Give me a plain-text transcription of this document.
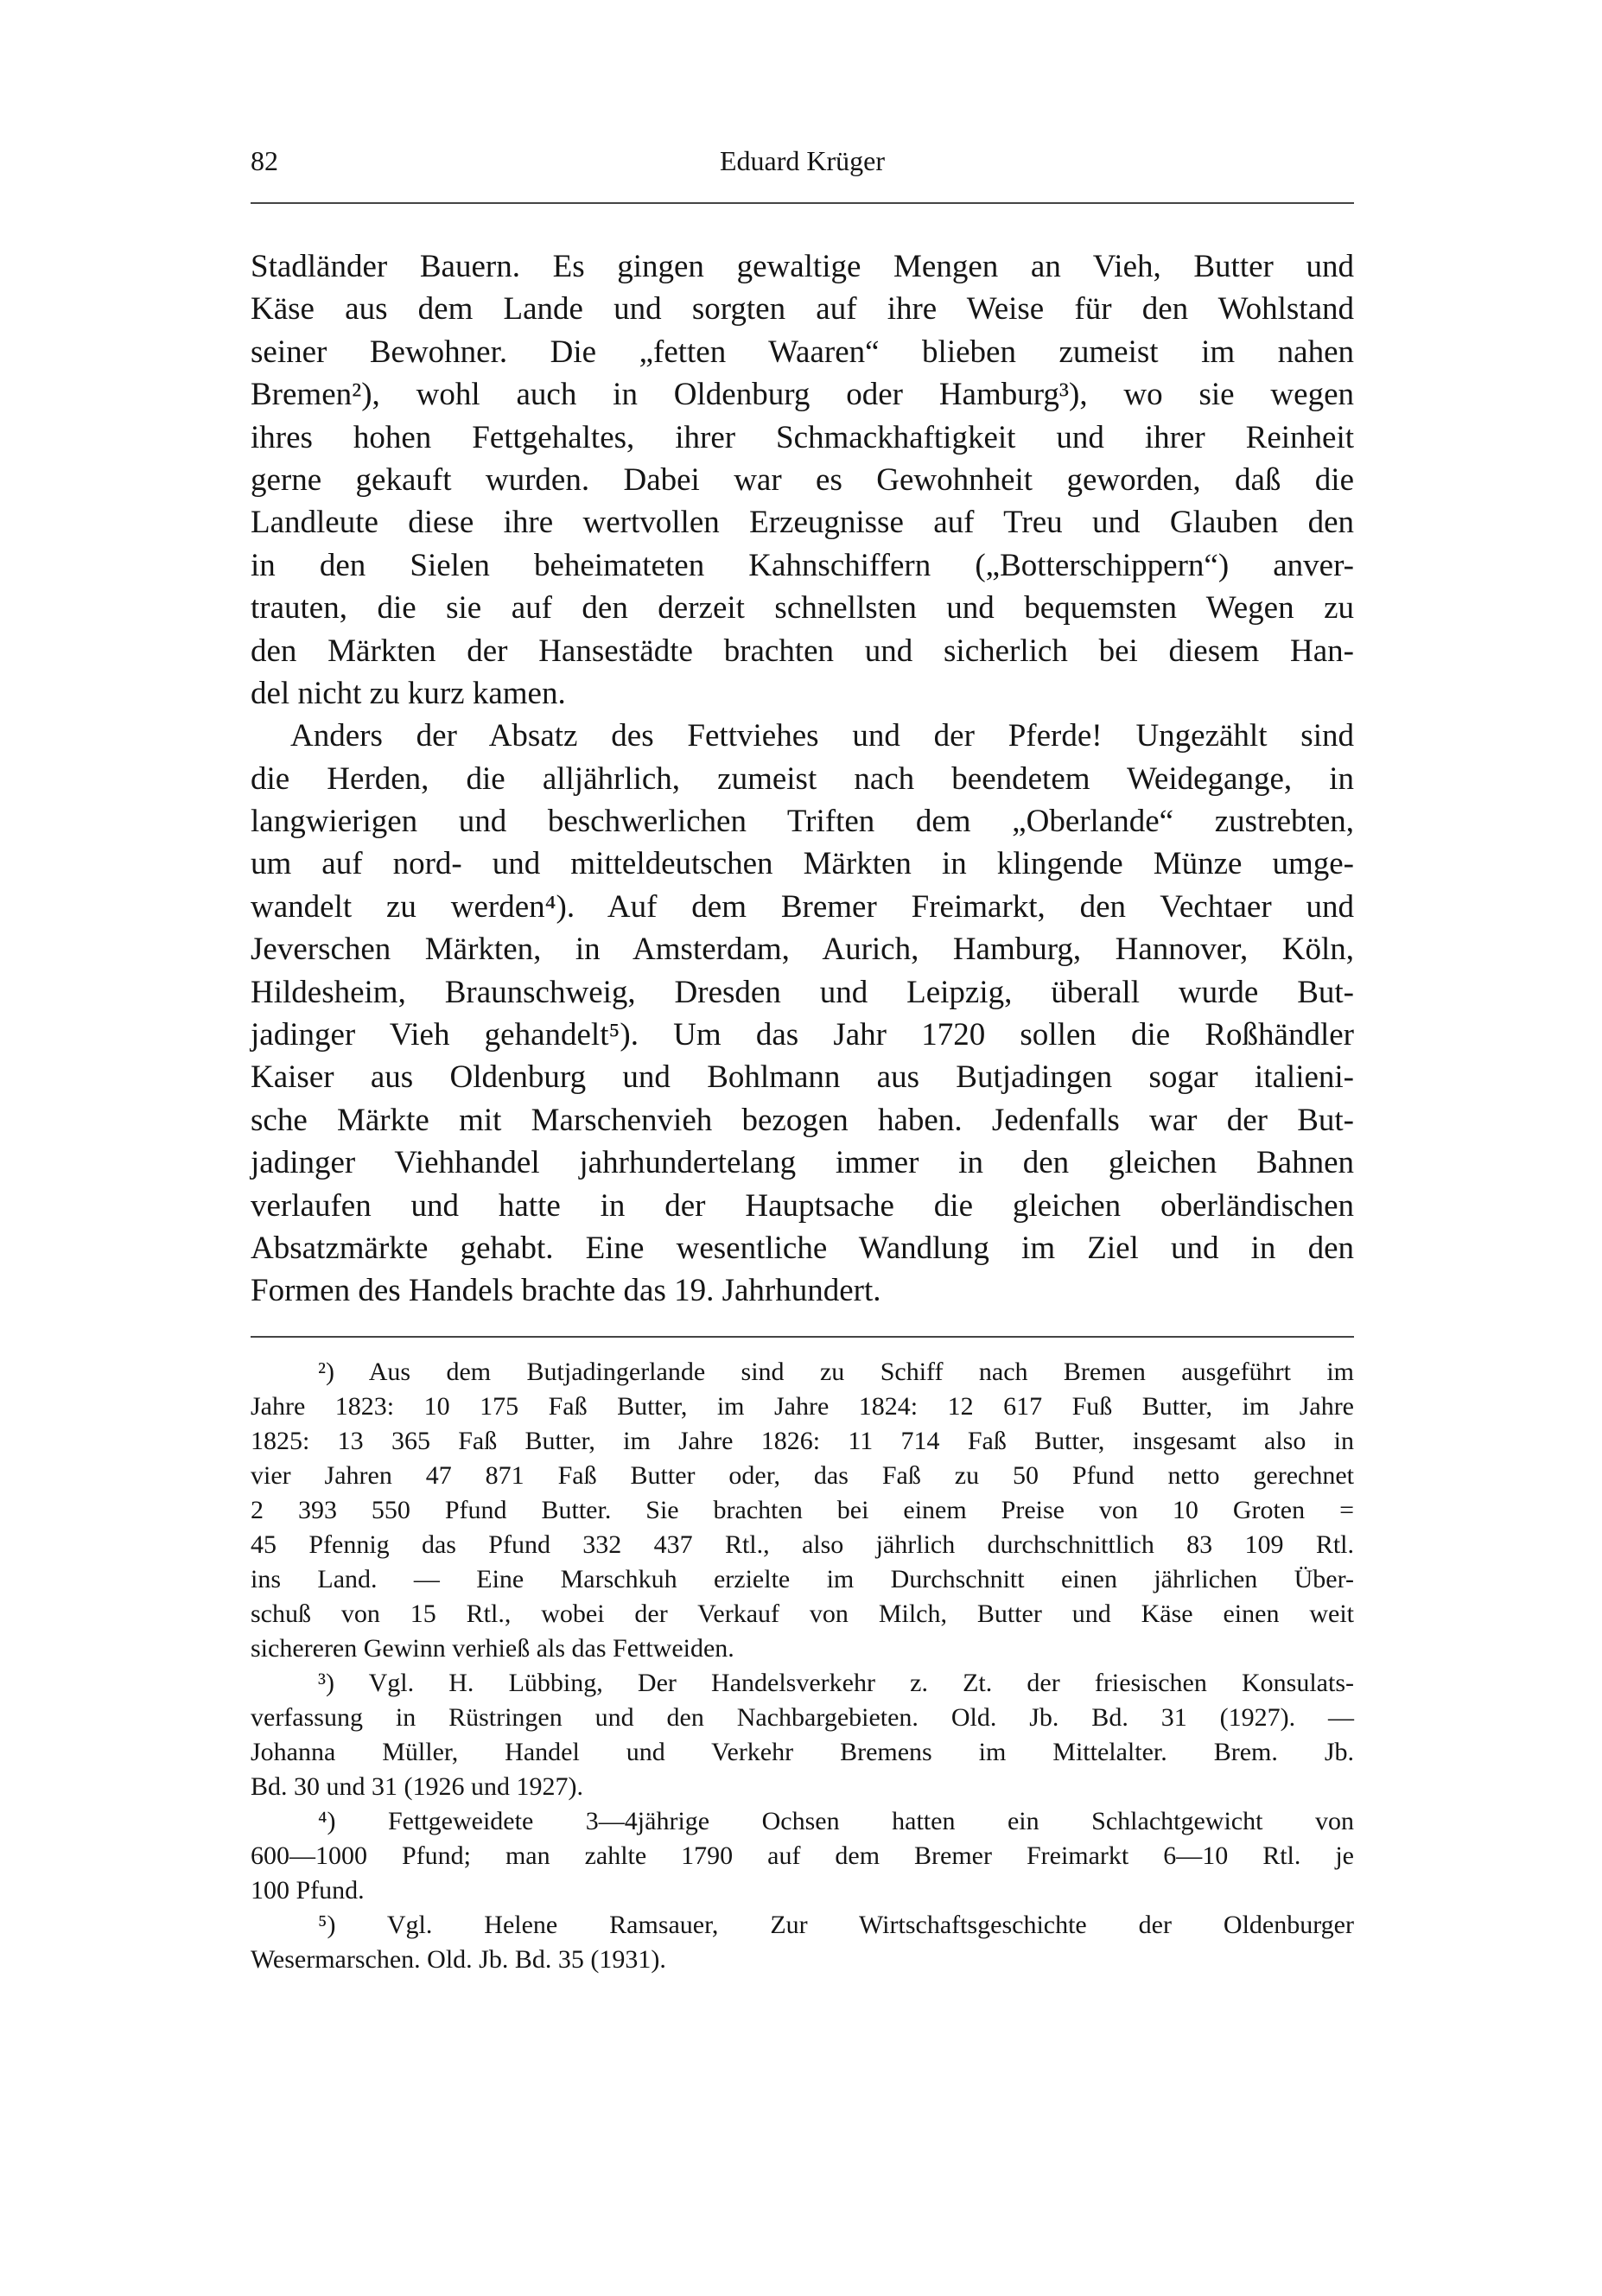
82	Eduard Krüger
Stadländer Bauern. Es gingen gewaltige Mengen an Vieh, Butter und
Käse aus dem Lande und sorgten auf ihre Weise für den Wohlstand
seiner Bewohner. Die „fetten Waaren“ blieben zumeist im nahen
Bremen²), wohl auch in Oldenburg oder Hamburg³), wo sie wegen
ihres hohen Fettgehaltes, ihrer Schmackhaftigkeit und ihrer Reinheit
gerne gekauft wurden. Dabei war es Gewohnheit geworden, daß die
Landleute diese ihre wertvollen Erzeugnisse auf Treu und Glauben den
in den Sielen beheimateten Kahnschiffern („Botterschippern“) anver-
trauten, die sie auf den derzeit schnellsten und bequemsten Wegen zu
den Märkten der Hansestädte brachten und sicherlich bei diesem Han-
del nicht zu kurz kamen.
Anders der Absatz des Fettviehes und der Pferde! Ungezählt sind
die Herden, die alljährlich, zumeist nach beendetem Weidegange, in
langwierigen und beschwerlichen Triften dem „Oberlande“ zustrebten,
um auf nord- und mitteldeutschen Märkten in klingende Münze umge-
wandelt zu werden⁴). Auf dem Bremer Freimarkt, den Vechtaer und
Jeverschen Märkten, in Amsterdam, Aurich, Hamburg, Hannover, Köln,
Hildesheim, Braunschweig, Dresden und Leipzig, überall wurde But-
jadinger Vieh gehandelt⁵). Um das Jahr 1720 sollen die Roßhändler
Kaiser aus Oldenburg und Bohlmann aus Butjadingen sogar italieni-
sche Märkte mit Marschenvieh bezogen haben. Jedenfalls war der But-
jadinger Viehhandel jahrhundertelang immer in den gleichen Bahnen
verlaufen und hatte in der Hauptsache die gleichen oberländischen
Absatzmärkte gehabt. Eine wesentliche Wandlung im Ziel und in den
Formen des Handels brachte das 19. Jahrhundert.
²) Aus dem Butjadingerlande sind zu Schiff nach Bremen ausgeführt im
Jahre 1823: 10 175 Faß Butter, im Jahre 1824: 12 617 Fuß Butter, im Jahre
1825: 13 365 Faß Butter, im Jahre 1826: 11 714 Faß Butter, insgesamt also in
vier Jahren 47 871 Faß Butter oder, das Faß zu 50 Pfund netto gerechnet
2 393 550 Pfund Butter. Sie brachten bei einem Preise von 10 Groten =
45 Pfennig das Pfund 332 437 Rtl., also jährlich durchschnittlich 83 109 Rtl.
ins Land. — Eine Marschkuh erzielte im Durchschnitt einen jährlichen Über-
schuß von 15 Rtl., wobei der Verkauf von Milch, Butter und Käse einen weit
sichereren Gewinn verhieß als das Fettweiden.
³) Vgl. H. Lübbing, Der Handelsverkehr z. Zt. der friesischen Konsulats-
verfassung in Rüstringen und den Nachbargebieten. Old. Jb. Bd. 31 (1927). —
Johanna Müller, Handel und Verkehr Bremens im Mittelalter. Brem. Jb.
Bd. 30 und 31 (1926 und 1927).
⁴) Fettgeweidete 3—4jährige Ochsen hatten ein Schlachtgewicht von
600—1000 Pfund; man zahlte 1790 auf dem Bremer Freimarkt 6—10 Rtl. je
100 Pfund.
⁵) Vgl. Helene Ramsauer, Zur Wirtschaftsgeschichte der Oldenburger
Wesermarschen. Old. Jb. Bd. 35 (1931).
